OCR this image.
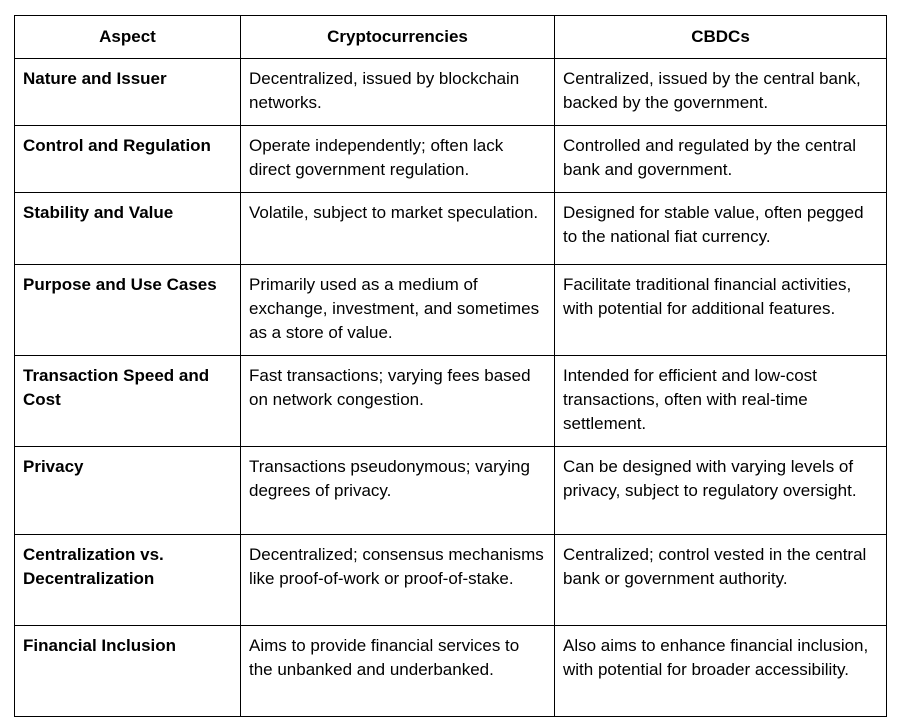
Aspect	Cryptocurrencies	CBDCs
Nature and Issuer	Decentralized, issued by blockchain networks.	Centralized, issued by the central bank, backed by the government.
Control and Regulation	Operate independently; often lack direct government regulation.	Controlled and regulated by the central bank and government.
Stability and Value	Volatile, subject to market speculation.	Designed for stable value, often pegged to the national fiat currency.
Purpose and Use Cases	Primarily used as a medium of exchange, investment, and sometimes as a store of value.	Facilitate traditional financial activities, with potential for additional features.
Transaction Speed and Cost	Fast transactions; varying fees based on network congestion.	Intended for efficient and low-cost transactions, often with real-time settlement.
Privacy	Transactions pseudonymous; varying degrees of privacy.	Can be designed with varying levels of privacy, subject to regulatory oversight.
Centralization vs. Decentralization	Decentralized; consensus mechanisms like proof-of-work or proof-of-stake.	Centralized; control vested in the central bank or government authority.
Financial Inclusion	Aims to provide financial services to the unbanked and underbanked.	Also aims to enhance financial inclusion, with potential for broader accessibility.
